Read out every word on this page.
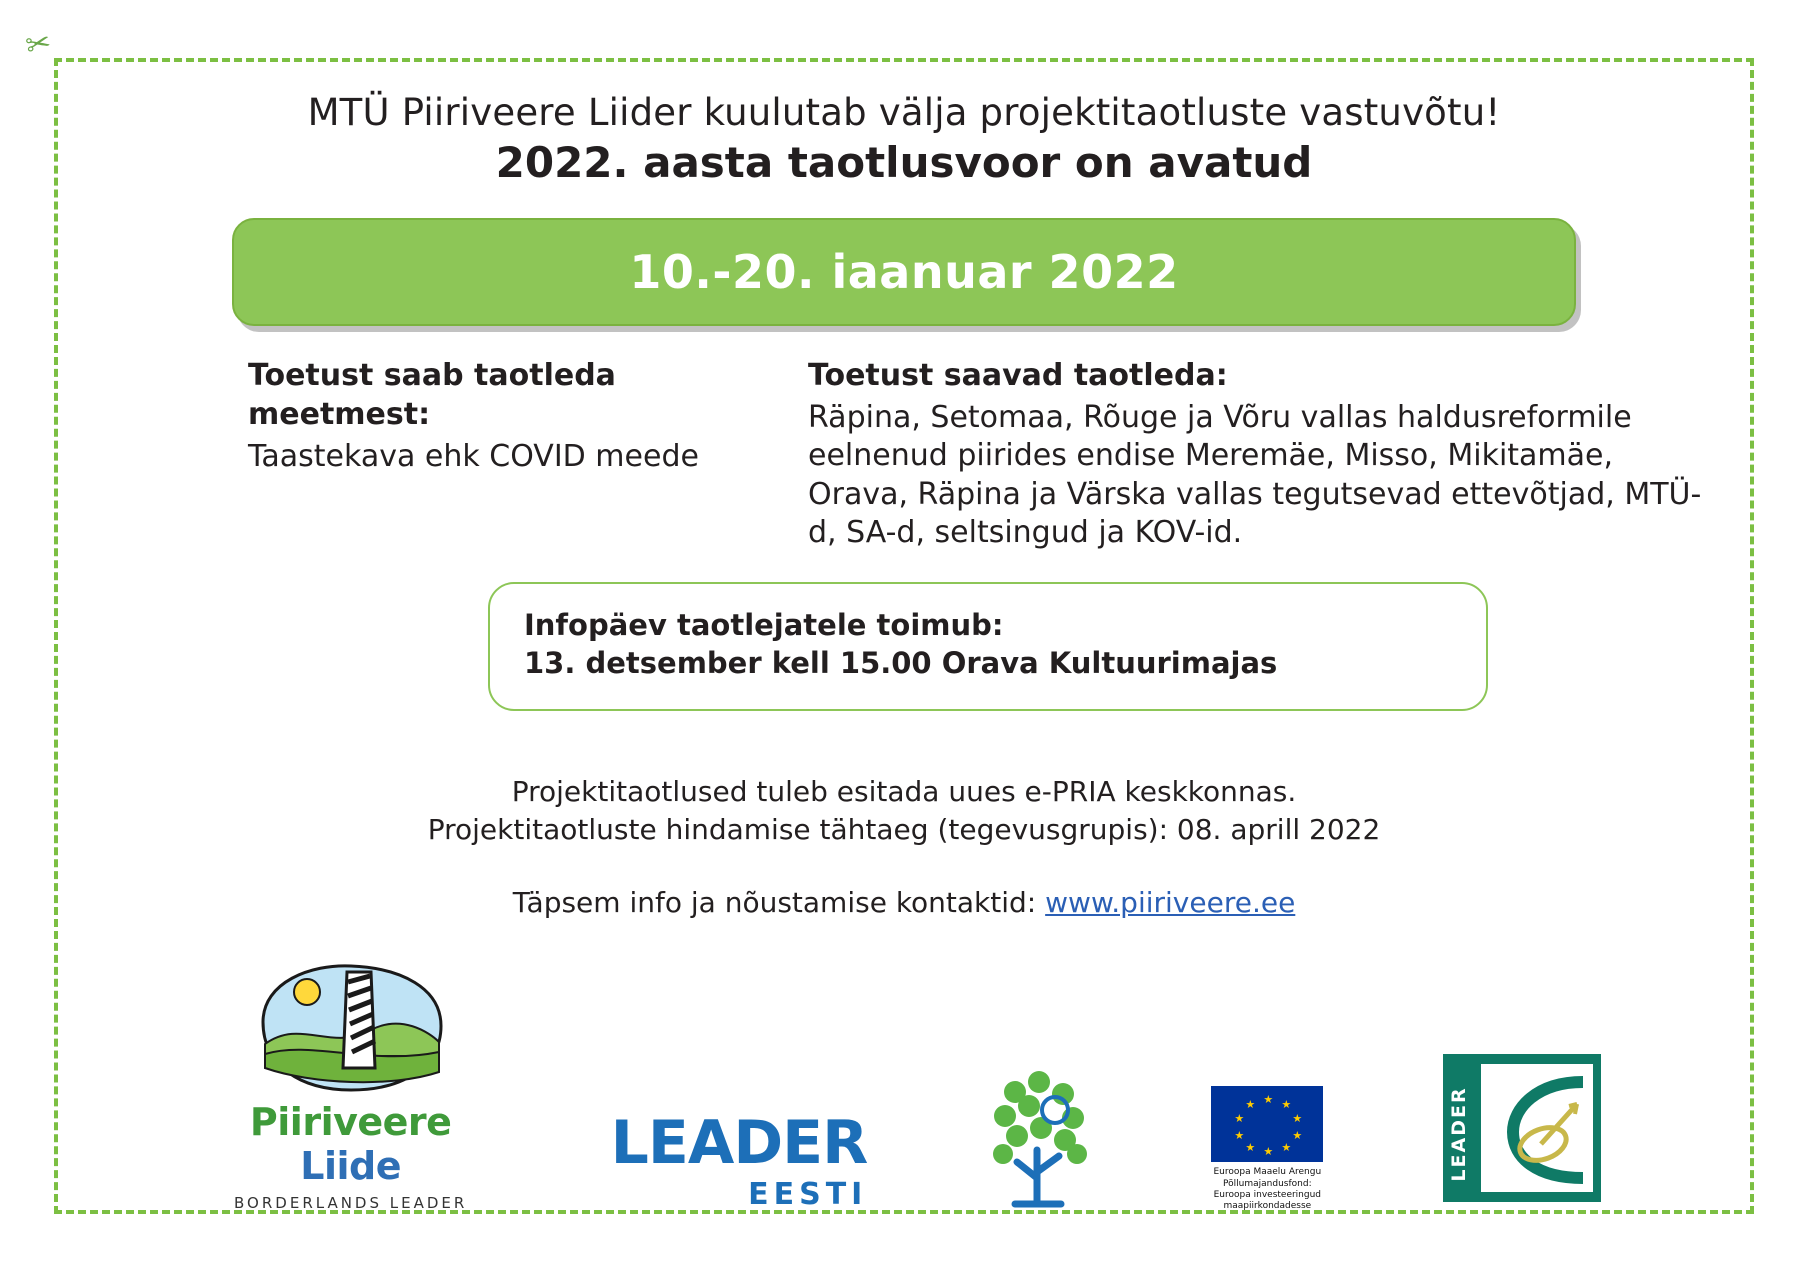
✂
MTÜ Piiriveere Liider kuulutab välja projektitaotluste vastuvõtu!
2022. aasta taotlusvoor on avatud
10.-20. iaanuar 2022

Toetust saab taotleda meetmest:

Taastekava ehk COVID meede

Toetust saavad taotleda:

Räpina, Setomaa, Rõuge ja Võru vallas haldusreformile eelnenud piirides endise Meremäe, Misso, Mikitamäe, Orava, Räpina ja Värska vallas tegutsevad ettevõtjad, MTÜ-d, SA-d, seltsingud ja KOV-id.

Infopäev taotlejatele toimub:

13. detsember kell 15.00 Orava Kultuurimajas

Projektitaotlused tuleb esitada uues e-PRIA keskkonnas.

Projektitaotluste hindamise tähtaeg (tegevusgrupis): 08. aprill 2022

Täpsem info ja nõustamise kontaktid: www.piiriveere.ee

Piiriveere Liide
BORDERLANDS LEADER
LEADER
EESTI
★ ★
★
★
★
★
★
★
★
★
Euroopa Maaelu Arengu Põllumajandusfond: Euroopa investeeringud maapiirkondadesse
LEADER
